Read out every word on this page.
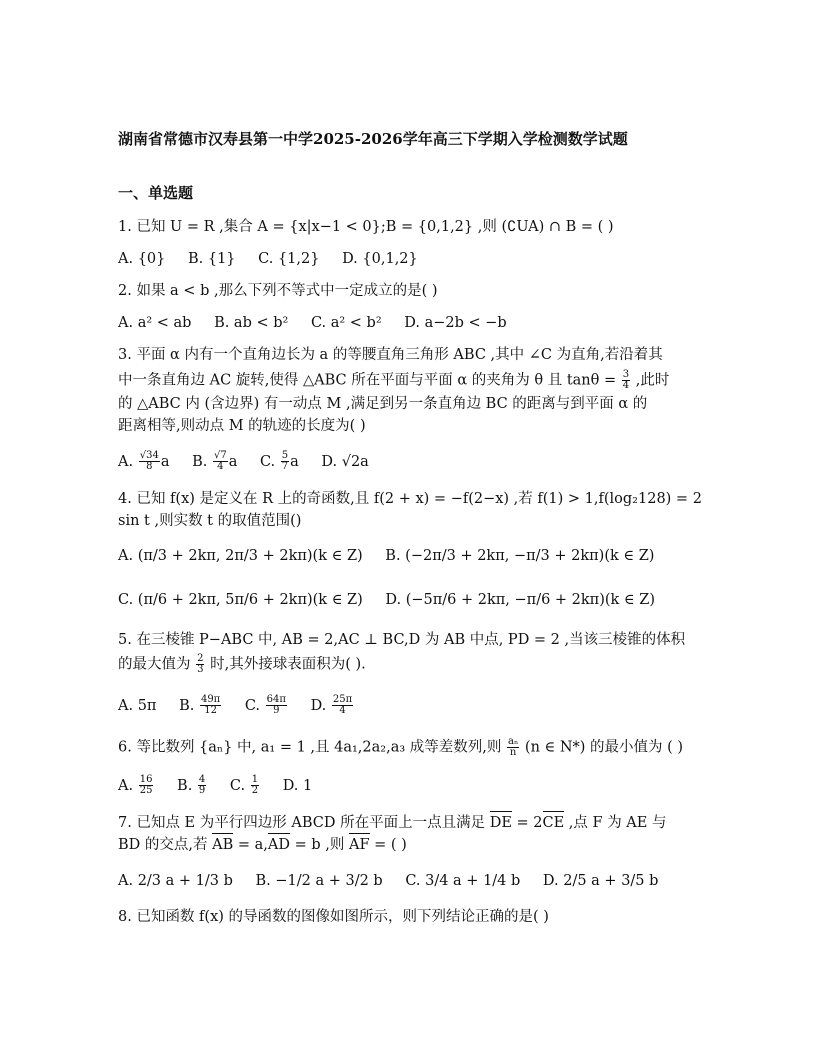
湖南省常德市汉寿县第一中学2025-2026学年高三下学期入学检测数学试题
一、单选题
1. 已知 U = R ,集合 A = {x|x−1 < 0};B = {0,1,2} ,则 (∁UA) ∩ B = ( )
A. {0} B. {1} C. {1,2} D. {0,1,2}
2. 如果 a < b ,那么下列不等式中一定成立的是( )
A. a² < ab B. ab < b² C. a² < b² D. a−2b < −b
3. 平面 α 内有一个直角边长为 a 的等腰直角三角形 ABC ,其中 ∠C 为直角,若沿着其
中一条直角边 AC 旋转,使得 △ABC 所在平面与平面 α 的夹角为 θ 且 $\tan\theta = \frac{3}{4}$ ,此时
的 △ABC 内 (含边界) 有一动点 M ,满足到另一条直角边 BC 的距离与到平面 α 的
距离相等,则动点 M 的轨迹的长度为( )
A. $\frac{√34}{8}$ a B. $\frac{√7}{4}$ a C. $\frac{5}{7}$ a D. √2a
4. 已知 f(x) 是定义在 R 上的奇函数,且 f(2 + x) = −f(2−x) ,若 f(1) > 1,f(log₂128) = 2
sin t ,则实数 t 的取值范围()
A. (π/3 + 2kπ, 2π/3 + 2kπ)(k ∈ Z) B. (−2π/3 + 2kπ, −π/3 + 2kπ)(k ∈ Z)
C. (π/6 + 2kπ, 5π/6 + 2kπ)(k ∈ Z) D. (−5π/6 + 2kπ, −π/6 + 2kπ)(k ∈ Z)
5. 在三棱锥 P−ABC 中, AB = 2,AC ⊥ BC,D 为 AB 中点, PD = 2 ,当该三棱锥的体积
的最大值为 $\frac{2}{3}$ 时,其外接球表面积为( ).
A. 5π B. $\frac{49\pi}{12} C$. $\frac{64\pi}{9} D$. $\frac{25\pi}{4}$
6. 等比数列 {aₙ} 中, a₁ = 1 ,且 4a₁,2a₂,a₃ 成等差数列,则 $\frac{\text{aₙ}}{n} (n$ ∈ N*) 的最小值为 ( )
A. $\frac{16}{25} B$. $\frac{4}{9} C$. $\frac{1}{2} D$. 1
7. 已知点 E 为平行四边形 ABCD 所在平面上一点且满足 DE = 2CE ,点 F 为 AE 与
BD 的交点,若 AB = a,AD = b ,则 AF = ( )
A. 2/3 a + 1/3 b B. −1/2 a + 3/2 b C. 3/4 a + 1/4 b D. 2/5 a + 3/5 b
8. 已知函数 f(x) 的导函数的图像如图所示，则下列结论正确的是( )
